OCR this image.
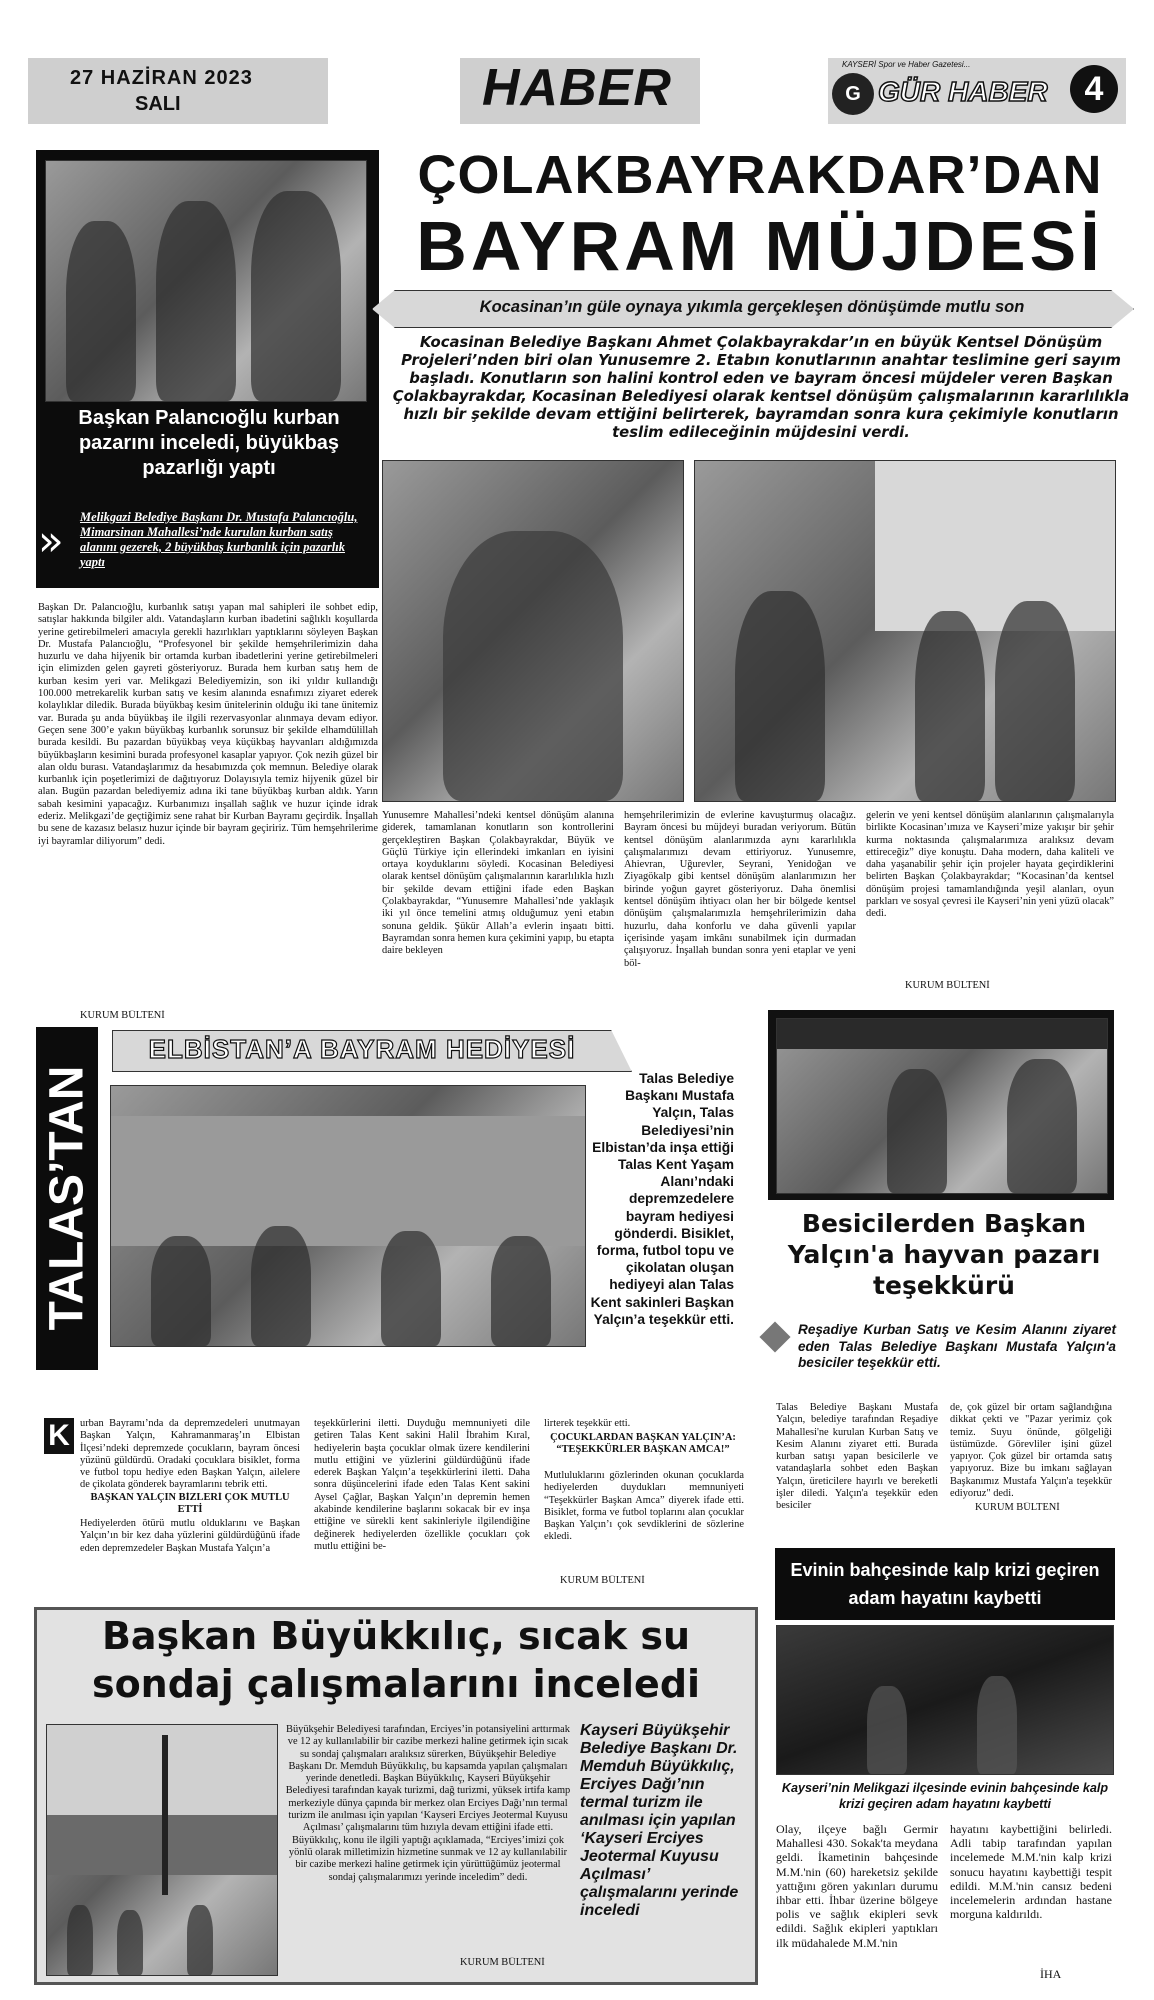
27 HAZİRAN 2023
SALI	HABER	KAYSERİ Spor ve Haber Gazetesi...
G GÜR HABER	4
Başkan Palancıoğlu kurban pazarını inceledi, büyükbaş pazarlığı yaptı
» Melikgazi Belediye Başkanı Dr. Mustafa Palancıoğlu, Mimarsinan Mahallesi’nde kurulan kurban satış alanını gezerek, 2 büyükbaş kurbanlık için pazarlık yaptı
Başkan Dr. Palancıoğlu, kurbanlık satışı yapan mal sahipleri ile sohbet edip, satışlar hakkında bilgiler aldı. Vatandaşların kurban ibadetini sağlıklı koşullarda yerine getirebilmeleri amacıyla gerekli hazırlıkları yaptıklarını söyleyen Başkan Dr. Mustafa Palancıoğlu, “Profesyonel bir şekilde hemşehrilerimizin daha huzurlu ve daha hijyenik bir ortamda kurban ibadetlerini yerine getirebilmeleri için elimizden gelen gayreti gösteriyoruz. Burada hem kurban satış hem de kurban kesim yeri var. Melikgazi Belediyemizin, son iki yıldır kullandığı 100.000 metrekarelik kurban satış ve kesim alanında esnafımızı ziyaret ederek kolaylıklar diledik. Burada büyükbaş kesim ünitelerinin olduğu iki tane ünitemiz var. Burada şu anda büyükbaş ile ilgili rezervasyonlar alınmaya devam ediyor. Geçen sene 300’e yakın büyükbaş kurbanlık sorunsuz bir şekilde elhamdülillah burada kesildi. Bu pazardan büyükbaş veya küçükbaş hayvanları aldığımızda büyükbaşların kesimini burada profesyonel kasaplar yapıyor. Çok nezih güzel bir alan oldu burası. Vatandaşlarımız da hesabımızda çok memnun. Belediye olarak kurbanlık için poşetlerimizi de dağıtıyoruz Dolayısıyla temiz hijyenik güzel bir alan. Bugün pazardan belediyemiz adına iki tane büyükbaş kurban aldık. Yarın sabah kesimini yapacağız. Kurbanımızı inşallah sağlık ve huzur içinde idrak ederiz. Melikgazi’de geçtiğimiz sene rahat bir Kurban Bayramı geçirdik. İnşallah bu sene de kazasız belasız huzur içinde bir bayram geçiririz. Tüm hemşehrilerime iyi bayramlar diliyorum” dedi.
KURUM BÜLTENİ
ÇOLAKBAYRAKDAR’DAN
BAYRAM MÜJDESİ
Kocasinan’ın güle oynaya yıkımla gerçekleşen dönüşümde mutlu son
Kocasinan Belediye Başkanı Ahmet Çolakbayrakdar’ın en büyük Kentsel Dönüşüm Projeleri’nden biri olan Yunusemre 2. Etabın konutlarının anahtar teslimine geri sayım başladı. Konutların son halini kontrol eden ve bayram öncesi müjdeler veren Başkan Çolakbayrakdar, Kocasinan Belediyesi olarak kentsel dönüşüm çalışmalarının kararlılıkla hızlı bir şekilde devam ettiğini belirterek, bayramdan sonra kura çekimiyle konutların teslim edileceğinin müjdesini verdi.
Yunusemre Mahallesi’ndeki kentsel dönüşüm alanına giderek, tamamlanan konutların son kontrollerini gerçekleştiren Başkan Çolakbayrakdar, Büyük ve Güçlü Türkiye için ellerindeki imkanları en iyisini ortaya koyduklarını söyledi. Kocasinan Belediyesi olarak kentsel dönüşüm çalışmalarının kararlılıkla hızlı bir şekilde devam ettiğini ifade eden Başkan Çolakbayrakdar, “Yunusemre Mahallesi’nde yaklaşık iki yıl önce temelini atmış olduğumuz yeni etabın sonuna geldik. Şükür Allah’a evlerin inşaatı bitti. Bayramdan sonra hemen kura çekimini yapıp, bu etapta daire bekleyen
hemşehrilerimizin de evlerine kavuşturmuş olacağız. Bayram öncesi bu müjdeyi buradan veriyorum. Bütün kentsel dönüşüm alanlarımızda aynı kararlılıkla çalışmalarımızı devam ettiriyoruz. Yunusemre, Ahievran, Uğurevler, Seyrani, Yenidoğan ve Ziyagökalp gibi kentsel dönüşüm alanlarımızın her birinde yoğun gayret gösteriyoruz. Daha önemlisi kentsel dönüşüm ihtiyacı olan her bir bölgede kentsel dönüşüm çalışmalarımızla hemşehrilerimizin daha huzurlu, daha konforlu ve daha güvenli yapılar içerisinde yaşam imkânı sunabilmek için durmadan çalışıyoruz. İnşallah bundan sonra yeni etaplar ve yeni böl-
gelerin ve yeni kentsel dönüşüm alanlarının çalışmalarıyla birlikte Kocasinan’ımıza ve Kayseri’mize yakışır bir şehir kurma noktasında çalışmalarımıza aralıksız devam ettireceğiz” diye konuştu. Daha modern, daha kaliteli ve daha yaşanabilir şehir için projeler hayata geçirdiklerini belirten Başkan Çolakbayrakdar; “Kocasinan’da kentsel dönüşüm projesi tamamlandığında yeşil alanları, oyun parkları ve sosyal çevresi ile Kayseri’nin yeni yüzü olacak” dedi.
KURUM BÜLTENİ
TALAS’TAN
ELBİSTAN’A BAYRAM HEDİYESİ
Talas Belediye Başkanı Mustafa Yalçın, Talas Belediyesi’nin Elbistan’da inşa ettiği Talas Kent Yaşam Alanı’ndaki depremzedelere bayram hediyesi gönderdi. Bisiklet, forma, futbol topu ve çikolatan oluşan hediyeyi alan Talas Kent sakinleri Başkan Yalçın’a teşekkür etti.
K urban Bayramı’nda da depremzedeleri unutmayan Başkan Yalçın, Kahramanmaraş’ın Elbistan İlçesi’ndeki depremzede çocukların, bayram öncesi yüzünü güldürdü. Oradaki çocuklara bisiklet, forma ve futbol topu hediye eden Başkan Yalçın, ailelere de çikolata gönderek bayramlarını tebrik etti.
BAŞKAN YALÇIN BİZLERİ ÇOK MUTLU ETTİ
Hediyelerden ötürü mutlu olduklarını ve Başkan Yalçın’ın bir kez daha yüzlerini güldürdüğünü ifade eden depremzedeler Başkan Mustafa Yalçın’a
teşekkürlerini iletti. Duyduğu memnuniyeti dile getiren Talas Kent sakini Halil İbrahim Kıral, hediyelerin başta çocuklar olmak üzere kendilerini mutlu ettiğini ve yüzlerini güldürdüğünü ifade ederek Başkan Yalçın’a teşekkürlerini iletti. Daha sonra düşüncelerini ifade eden Talas Kent sakini Aysel Çağlar, Başkan Yalçın’ın depremin hemen akabinde kendilerine başlarını sokacak bir ev inşa ettiğine ve sürekli kent sakinleriyle ilgilendiğine değinerek hediyelerden özellikle çocukları çok mutlu ettiğini be-
lirterek teşekkür etti.
ÇOCUKLARDAN BAŞKAN YALÇIN’A: “TEŞEKKÜRLER BAŞKAN AMCA!”
Mutluluklarını gözlerinden okunan çocuklarda hediyelerden duydukları memnuniyeti “Teşekkürler Başkan Amca” diyerek ifade etti. Bisiklet, forma ve futbol toplarını alan çocuklar Başkan Yalçın’ı çok sevdiklerini de sözlerine ekledi.
KURUM BÜLTENİ
Besicilerden Başkan Yalçın'a hayvan pazarı teşekkürü
Reşadiye Kurban Satış ve Kesim Alanını ziyaret eden Talas Belediye Başkanı Mustafa Yalçın'a besiciler teşekkür etti.
Talas Belediye Başkanı Mustafa Yalçın, belediye tarafından Reşadiye Mahallesi'ne kurulan Kurban Satış ve Kesim Alanını ziyaret etti. Burada kurban satışı yapan besicilerle ve vatandaşlarla sohbet eden Başkan Yalçın, üreticilere hayırlı ve bereketli işler diledi. Yalçın'a teşekkür eden besiciler
de, çok güzel bir ortam sağlandığına dikkat çekti ve "Pazar yerimiz çok temiz. Suyu önünde, gölgeliği üstümüzde. Görevliler işini güzel yapıyor. Çok güzel bir ortamda satış yapıyoruz. Bize bu imkanı sağlayan Başkanımız Mustafa Yalçın'a teşekkür ediyoruz" dedi.
KURUM BÜLTENİ
Evinin bahçesinde kalp krizi geçiren adam hayatını kaybetti
Kayseri’nin Melikgazi ilçesinde evinin bahçesinde kalp krizi geçiren adam hayatını kaybetti
Olay, ilçeye bağlı Germir Mahallesi 430. Sokak'ta meydana geldi. İkametinin bahçesinde M.M.'nin (60) hareketsiz şekilde yattığını gören yakınları durumu ihbar etti. İhbar üzerine bölgeye polis ve sağlık ekipleri sevk edildi. Sağlık ekipleri yaptıkları ilk müdahalede M.M.'nin
hayatını kaybettiğini belirledi. Adli tabip tarafından yapılan incelemede M.M.'nin kalp krizi sonucu hayatını kaybettiği tespit edildi. M.M.'nin cansız bedeni incelemelerin ardından hastane morguna kaldırıldı.
İHA
Başkan Büyükkılıç, sıcak su sondaj çalışmalarını inceledi
Büyükşehir Belediyesi tarafından, Erciyes’in potansiyelini arttırmak ve 12 ay kullanılabilir bir cazibe merkezi haline getirmek için sıcak su sondaj çalışmaları aralıksız sürerken, Büyükşehir Belediye Başkanı Dr. Memduh Büyükkılıç, bu kapsamda yapılan çalışmaları yerinde denetledi. Başkan Büyükkılıç, Kayseri Büyükşehir Belediyesi tarafından kayak turizmi, dağ turizmi, yüksek irtifa kamp merkeziyle dünya çapında bir merkez olan Erciyes Dağı’nın termal turizm ile anılması için yapılan ‘Kayseri Erciyes Jeotermal Kuyusu Açılması’ çalışmalarını tüm hızıyla devam ettiğini ifade etti. Büyükkılıç, konu ile ilgili yaptığı açıklamada, “Erciyes’imizi çok yönlü olarak milletimizin hizmetine sunmak ve 12 ay kullanılabilir bir cazibe merkezi haline getirmek için yürüttüğümüz jeotermal sondaj çalışmalarımızı yerinde inceledim” dedi.
KURUM BÜLTENİ
Kayseri Büyükşehir Belediye Başkanı Dr. Memduh Büyükkılıç, Erciyes Dağı’nın termal turizm ile anılması için yapılan ‘Kayseri Erciyes Jeotermal Kuyusu Açılması’ çalışmalarını yerinde inceledi
